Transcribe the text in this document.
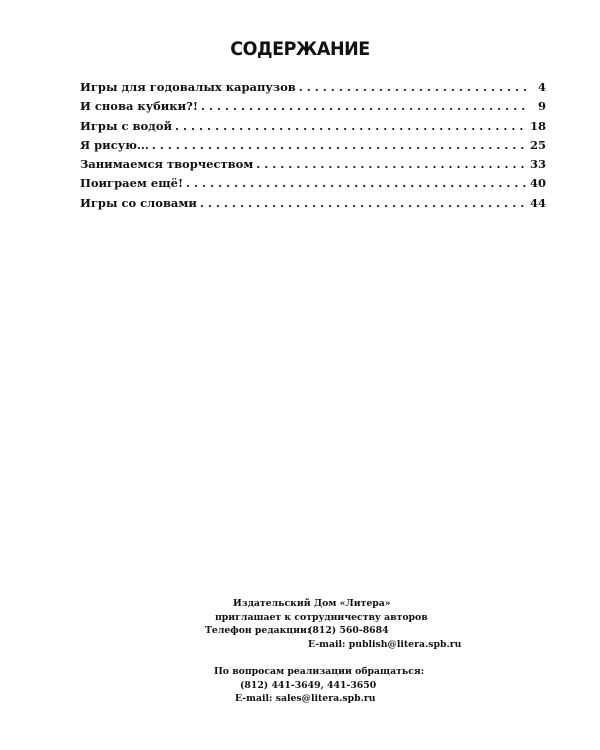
СОДЕРЖАНИЕ
Игры для годовалых карапузов . . .	4
И снова кубики?! . . .	9
Игры с водой . . .	18
Я рисую... . . .	25
Занимаемся творчеством . . .	33
Поиграем ещё! . . .	40
Игры со словами . . .	44
Издательский Дом «Литера»
приглашает к сотрудничеству авторов
Телефон редакции:
(812) 560-8684
E-mail: publish@litera.spb.ru
По вопросам реализации обращаться:
(812) 441-3649, 441-3650
E-mail: sales@litera.spb.ru
